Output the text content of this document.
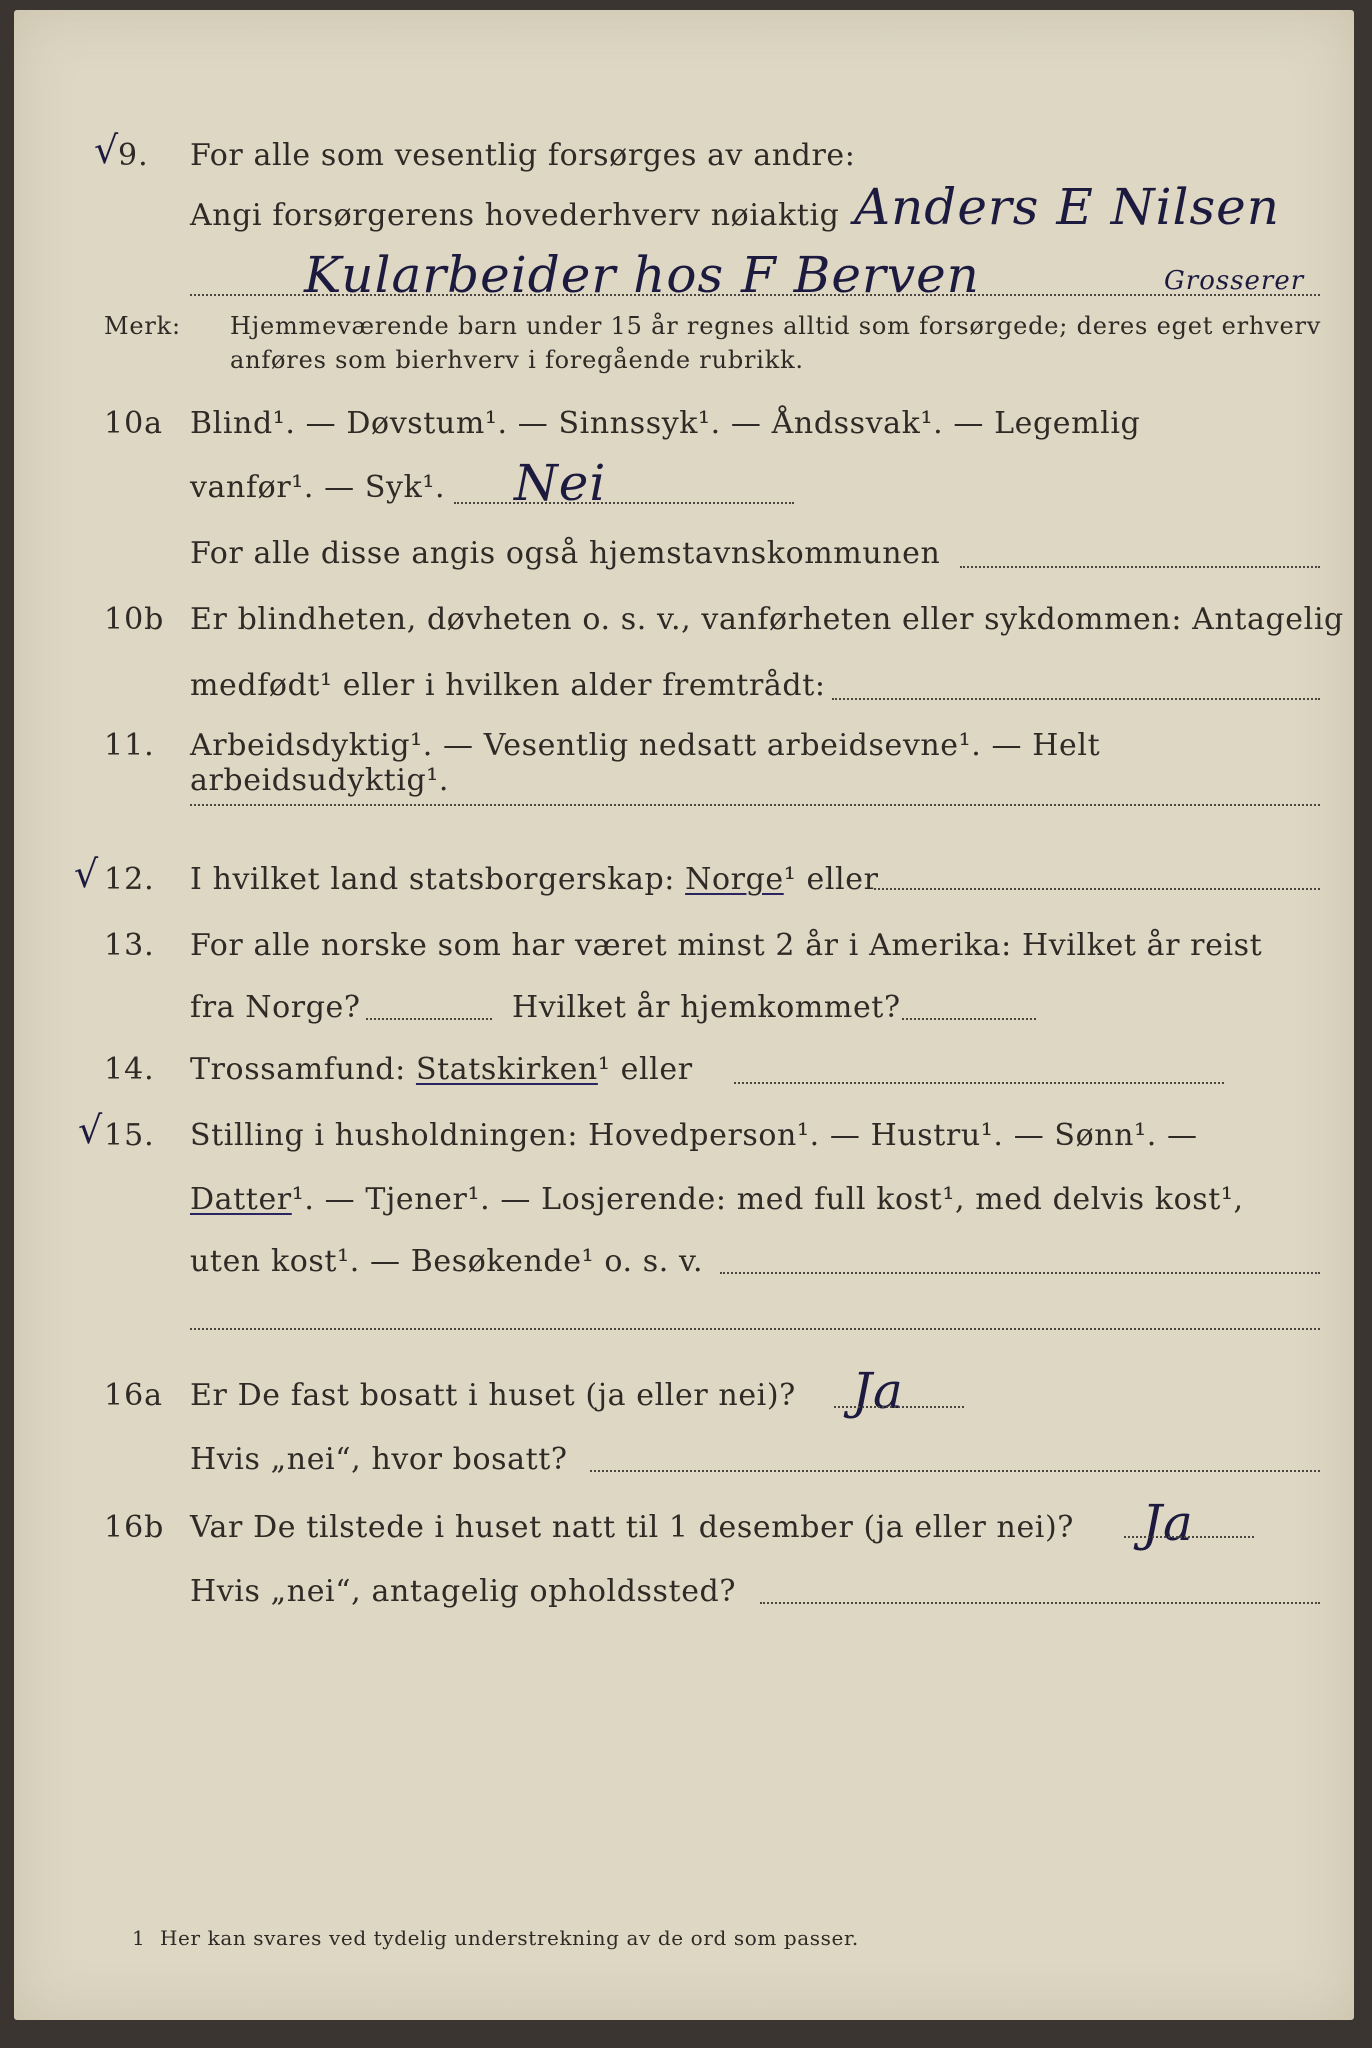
√ 9. For alle som vesentlig forsørges av andre:
Angi forsørgerens hovederhverv nøiaktig Anders E Nilsen
Kularbeider hos F Berven	Grosserer
Merk: Hjemmeværende barn under 15 år regnes alltid som forsørgede; deres eget erhverv
anføres som bierhverv i foregående rubrikk.
10a Blind¹. — Døvstum¹. — Sinnssyk¹. — Åndssvak¹. — Legemlig
vanfør¹. — Syk¹. Nei
For alle disse angis også hjemstavnskommunen
10b Er blindheten, døvheten o. s. v., vanførheten eller sykdommen: Antagelig
medfødt¹ eller i hvilken alder fremtrådt:
11. Arbeidsdyktig¹. — Vesentlig nedsatt arbeidsevne¹. — Helt arbeidsudyktig¹.
√ 12. I hvilket land statsborgerskap: Norge¹ eller
13. For alle norske som har været minst 2 år i Amerika: Hvilket år reist
fra Norge?	Hvilket år hjemkommet?
14. Trossamfund: Statskirken¹ eller
√ 15. Stilling i husholdningen: Hovedperson¹. — Hustru¹. — Sønn¹. —
Datter¹. — Tjener¹. — Losjerende: med full kost¹, med delvis kost¹,
uten kost¹. — Besøkende¹ o. s. v.
16a Er De fast bosatt i huset (ja eller nei)? Ja
Hvis „nei“, hvor bosatt?
16b Var De tilstede i huset natt til 1 desember (ja eller nei)? Ja
Hvis „nei“, antagelig opholdssted?
1 Her kan svares ved tydelig understrekning av de ord som passer.
